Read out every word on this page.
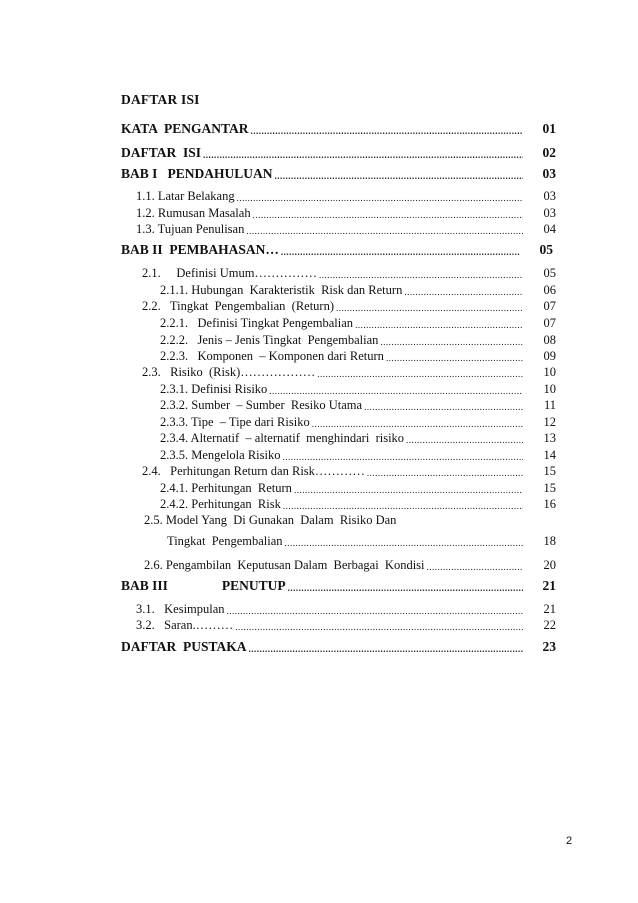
DAFTAR ISI
KATA  PENGANTAR .....	01
DAFTAR  ISI .....	02
BAB I   PENDAHULUAN .....	03
1.1. Latar Belakang .....	03
1.2. Rumusan Masalah .....	03
1.3. Tujuan Penulisan .....	04
BAB II  PEMBAHASAN… .....	05
2.1.     Definisi Umum…………… .....	05
2.1.1. Hubungan  Karakteristik  Risk dan Return .....	06
2.2.   Tingkat  Pengembalian  (Return) .....	07
2.2.1.   Definisi Tingkat Pengembalian .....	07
2.2.2.   Jenis – Jenis Tingkat  Pengembalian .....	08
2.2.3.   Komponen  – Komponen dari Return .....	09
2.3.   Risiko  (Risk)……………… .....	10
2.3.1. Definisi Risiko .....	10
2.3.2. Sumber  – Sumber  Resiko Utama .....	11
2.3.3. Tipe  – Tipe dari Risiko .....	12
2.3.4. Alternatif  – alternatif  menghindari  risiko .....	13
2.3.5. Mengelola Risiko .....	14
2.4.   Perhitungan Return dan Risk………… .....	15
2.4.1. Perhitungan  Return .....	15
2.4.2. Perhitungan  Risk .....	16
2.5. Model Yang  Di Gunakan  Dalam  Risiko Dan
Tingkat  Pengembalian .....	18
2.6. Pengambilan  Keputusan Dalam  Berbagai  Kondisi .....	20
BAB III                PENUTUP .....	21
3.1.   Kesimpulan .....	21
3.2.   Saran.……… .....	22
DAFTAR  PUSTAKA .....	23
2
